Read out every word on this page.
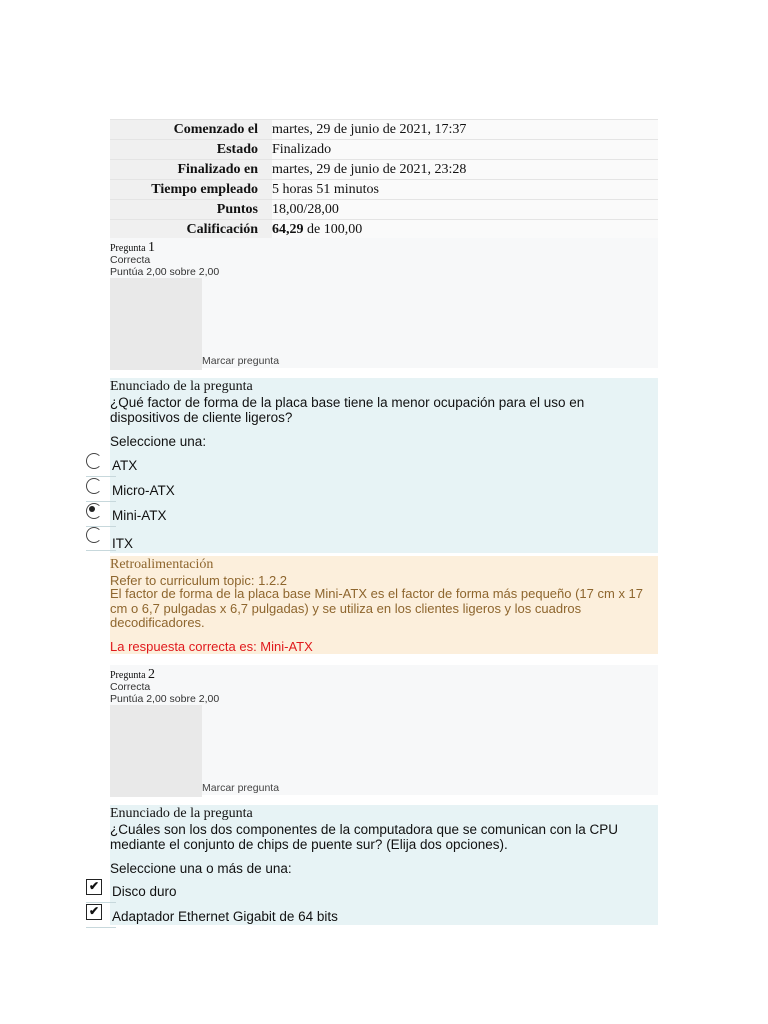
Comenzado el	martes, 29 de junio de 2021, 17:37
Estado	Finalizado
Finalizado en	martes, 29 de junio de 2021, 23:28
Tiempo empleado	5 horas 51 minutos
Puntos	18,00/28,00
Calificación	64,29 de 100,00
Pregunta 1
Correcta
Puntúa 2,00 sobre 2,00
Marcar pregunta
Enunciado de la pregunta
¿Qué factor de forma de la placa base tiene la menor ocupación para el uso en dispositivos de cliente ligeros?
Seleccione una:
ATX
Micro-ATX
Mini-ATX
ITX
Retroalimentación
Refer to curriculum topic: 1.2.2
El factor de forma de la placa base Mini-ATX es el factor de forma más pequeño (17 cm x 17 cm o 6,7 pulgadas x 6,7 pulgadas) y se utiliza en los clientes ligeros y los cuadros decodificadores.
La respuesta correcta es: Mini-ATX
Pregunta 2
Correcta
Puntúa 2,00 sobre 2,00
Marcar pregunta
Enunciado de la pregunta
¿Cuáles son los dos componentes de la computadora que se comunican con la CPU mediante el conjunto de chips de puente sur? (Elija dos opciones).
Seleccione una o más de una:
✔ Disco duro
✔ Adaptador Ethernet Gigabit de 64 bits
